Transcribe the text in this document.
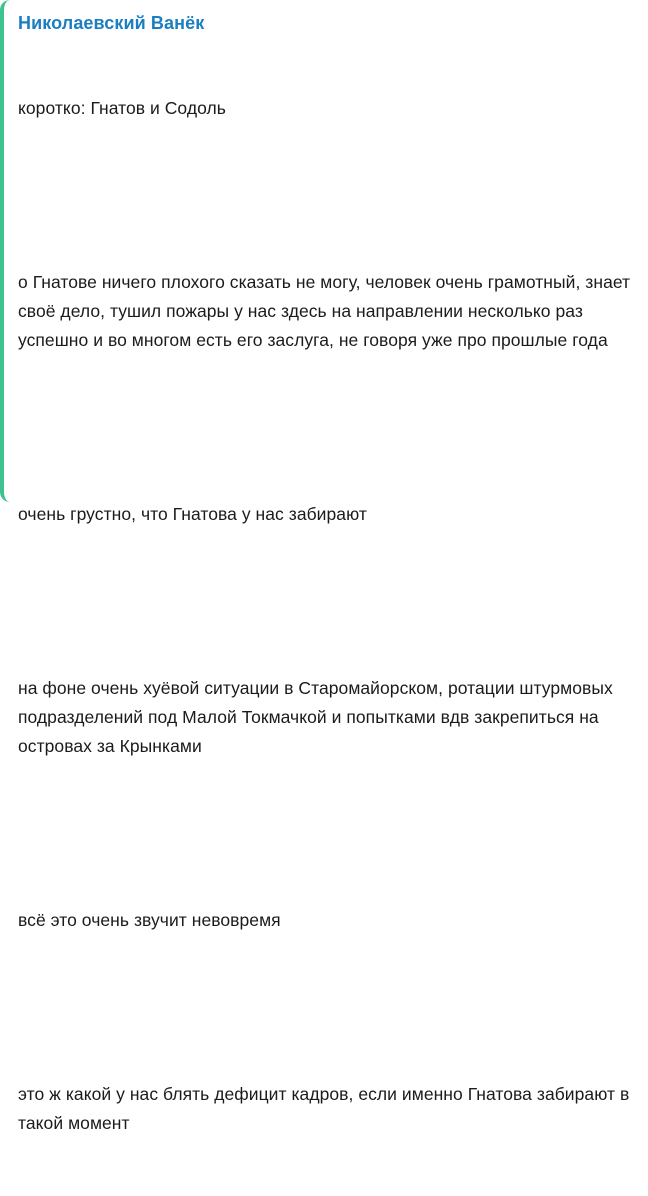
Николаевский Ванёк

коротко: Гнатов и Содоль

о Гнатове ничего плохого сказать не могу, человек очень грамотный, знает своё дело, тушил пожары у нас здесь на направлении несколько раз успешно и во многом есть его заслуга, не говоря уже про прошлые года

очень грустно, что Гнатова у нас забирают

на фоне очень хуёвой ситуации в Старомайорском, ротации штурмовых подразделений под Малой Токмачкой и попытками вдв закрепиться на островах за Крынками

всё это очень звучит невовремя

это ж какой у нас блять дефицит кадров, если именно Гнатова забирают в такой момент
